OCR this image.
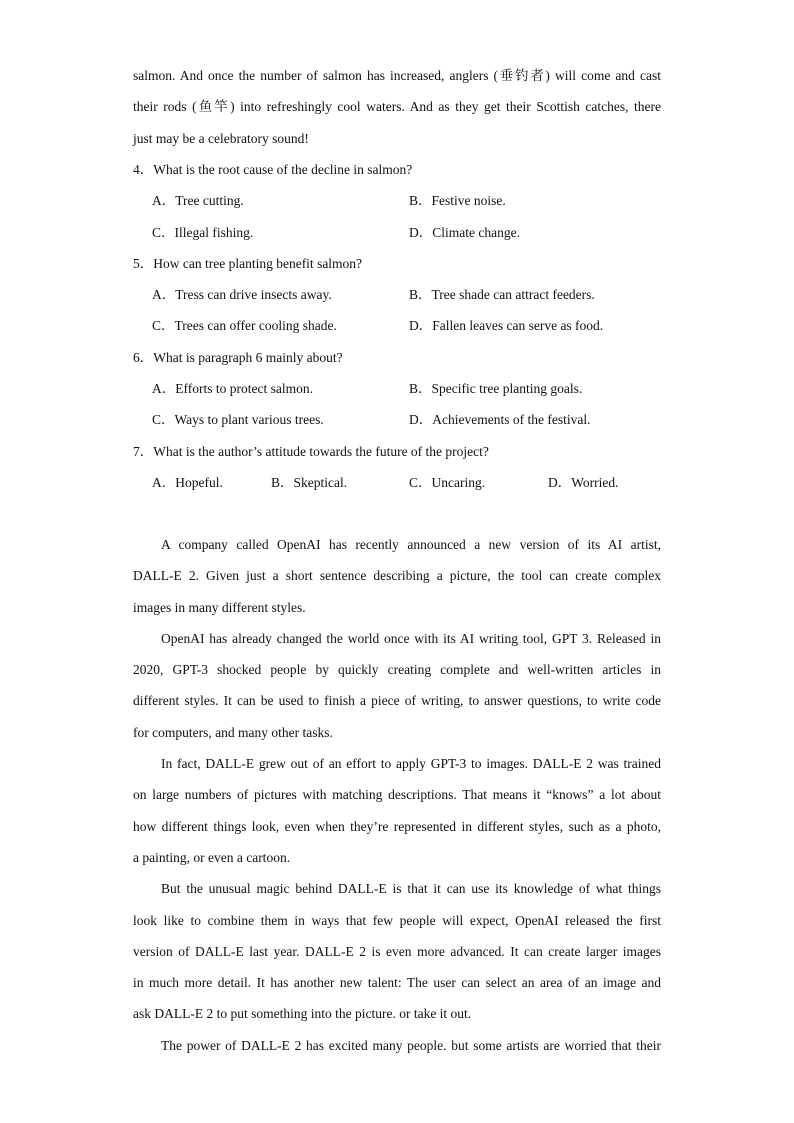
salmon. And once the number of salmon has increased, anglers (垂钓者) will come and cast
their rods (鱼竿) into refreshingly cool waters. And as they get their Scottish catches, there
just may be a celebratory sound!
4．What is the root cause of the decline in salmon?
A．Tree cutting.	B．Festive noise.
C．Illegal fishing.	D．Climate change.
5．How can tree planting benefit salmon?
A．Tress can drive insects away.	B．Tree shade can attract feeders.
C．Trees can offer cooling shade.	D．Fallen leaves can serve as food.
6．What is paragraph 6 mainly about?
A．Efforts to protect salmon.	B．Specific tree planting goals.
C．Ways to plant various trees.	D．Achievements of the festival.
7．What is the author’s attitude towards the future of the project?
A．Hopeful.	B．Skeptical.	C．Uncaring.	D．Worried.
A company called OpenAI has recently announced a new version of its AI artist,
DALL-E 2. Given just a short sentence describing a picture, the tool can create complex
images in many different styles.
OpenAI has already changed the world once with its AI writing tool, GPT 3. Released in
2020, GPT-3 shocked people by quickly creating complete and well-written articles in
different styles. It can be used to finish a piece of writing, to answer questions, to write code
for computers, and many other tasks.
In fact, DALL-E grew out of an effort to apply GPT-3 to images. DALL-E 2 was trained
on large numbers of pictures with matching descriptions. That means it “knows” a lot about
how different things look, even when they’re represented in different styles, such as a photo,
a painting, or even a cartoon.
But the unusual magic behind DALL-E is that it can use its knowledge of what things
look like to combine them in ways that few people will expect, OpenAI released the first
version of DALL-E last year. DALL-E 2 is even more advanced. It can create larger images
in much more detail. It has another new talent: The user can select an area of an image and
ask DALL-E 2 to put something into the picture. or take it out.
The power of DALL-E 2 has excited many people. but some artists are worried that their
